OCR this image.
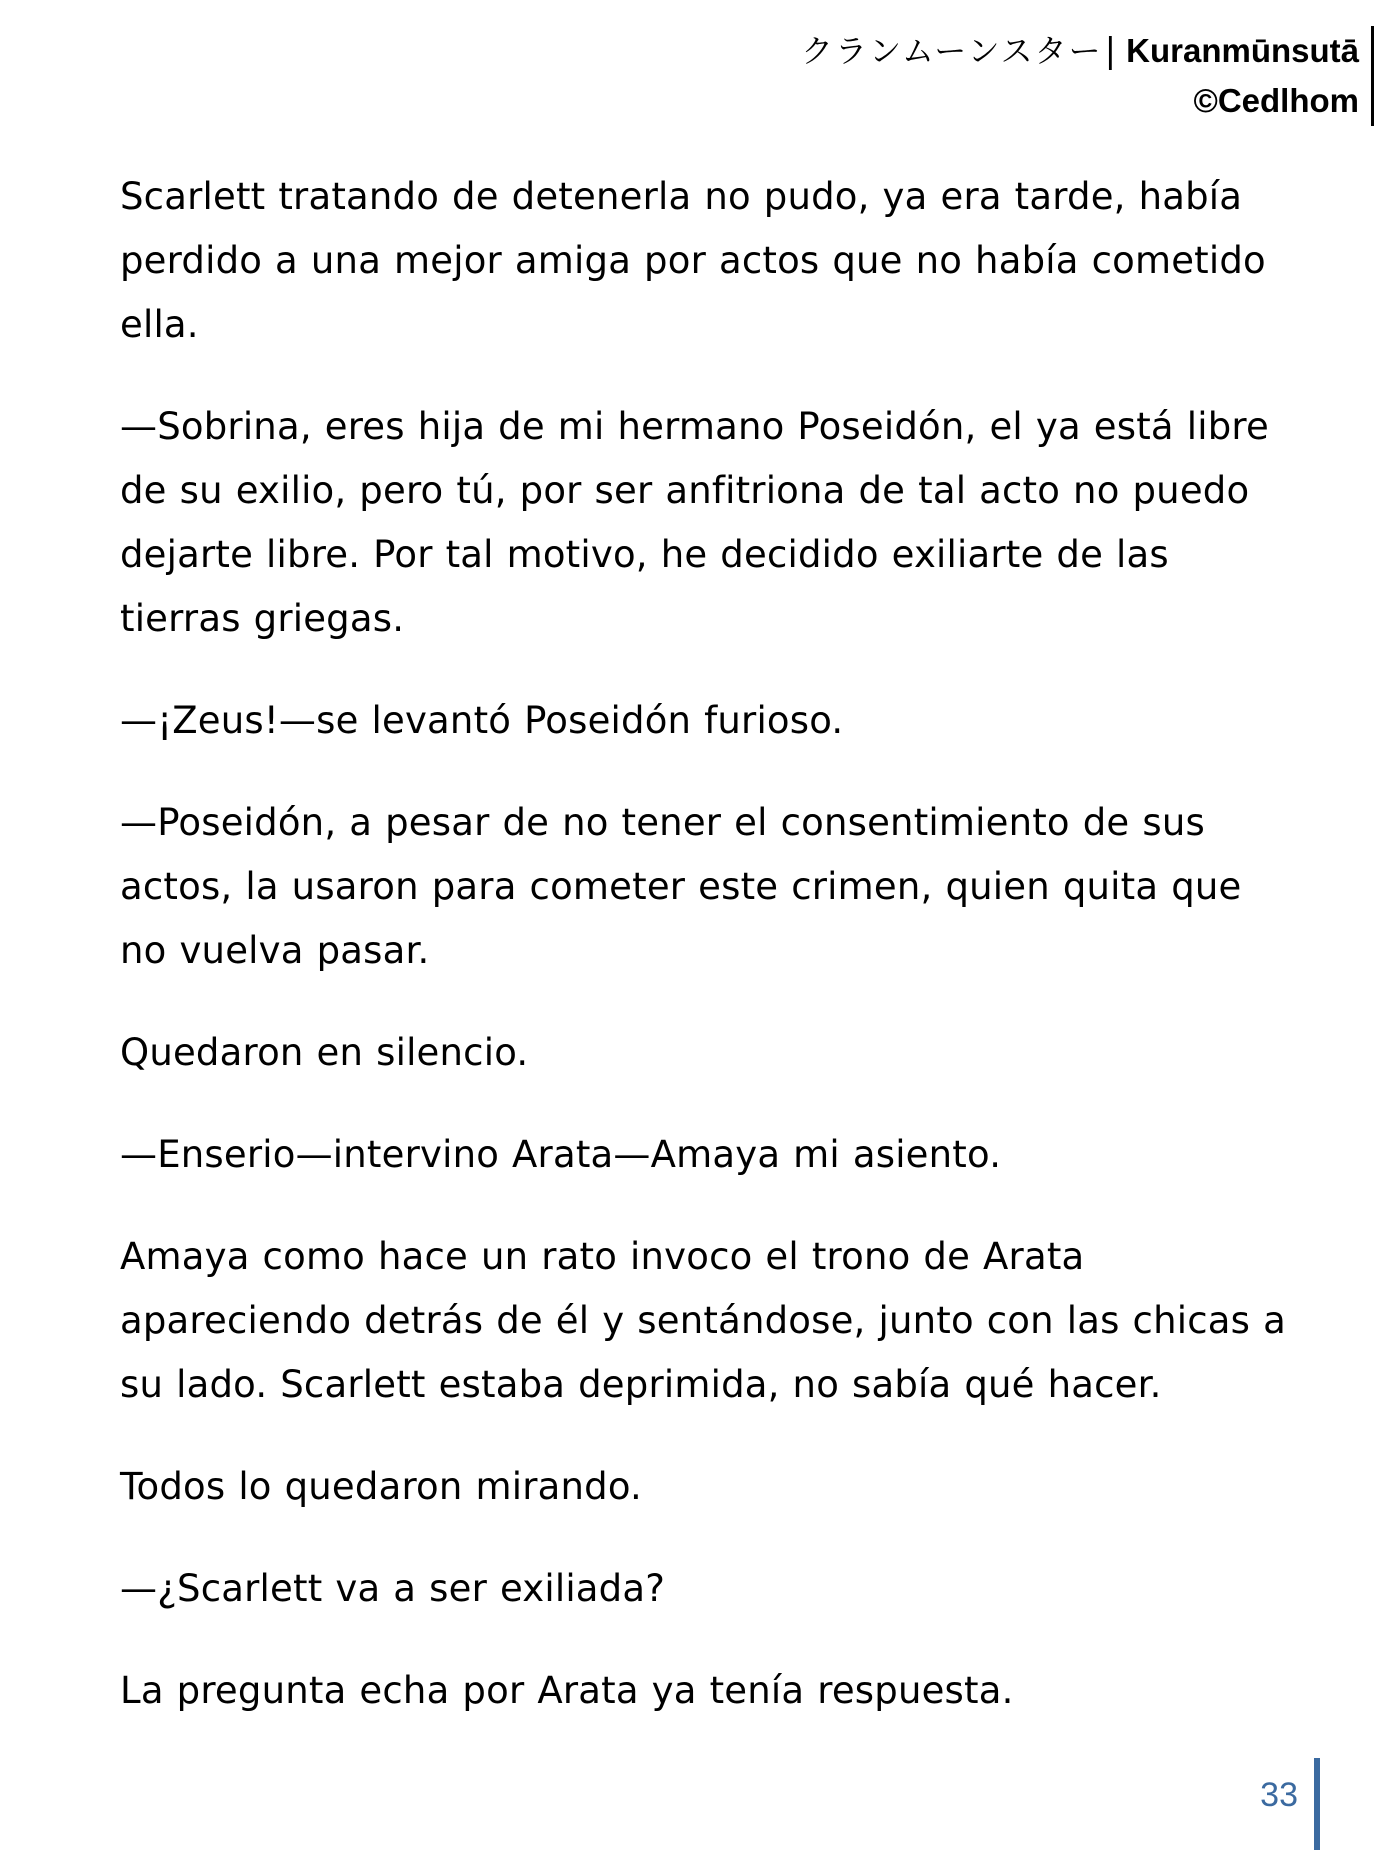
クランムーンスター| Kuranmūnsutā
©Cedlhom

Scarlett tratando de detenerla no pudo, ya era tarde, había perdido a una mejor amiga por actos que no había cometido ella.

—Sobrina, eres hija de mi hermano Poseidón, el ya está libre de su exilio, pero tú, por ser anfitriona de tal acto no puedo dejarte libre. Por tal motivo, he decidido exiliarte de las tierras griegas.

—¡Zeus!—se levantó Poseidón furioso.

—Poseidón, a pesar de no tener el consentimiento de sus actos, la usaron para cometer este crimen, quien quita que no vuelva pasar.

Quedaron en silencio.

—Enserio—intervino Arata—Amaya mi asiento.

Amaya como hace un rato invoco el trono de Arata apareciendo detrás de él y sentándose, junto con las chicas a su lado. Scarlett estaba deprimida, no sabía qué hacer.

Todos lo quedaron mirando.

—¿Scarlett va a ser exiliada?

La pregunta echa por Arata ya tenía respuesta.

33
